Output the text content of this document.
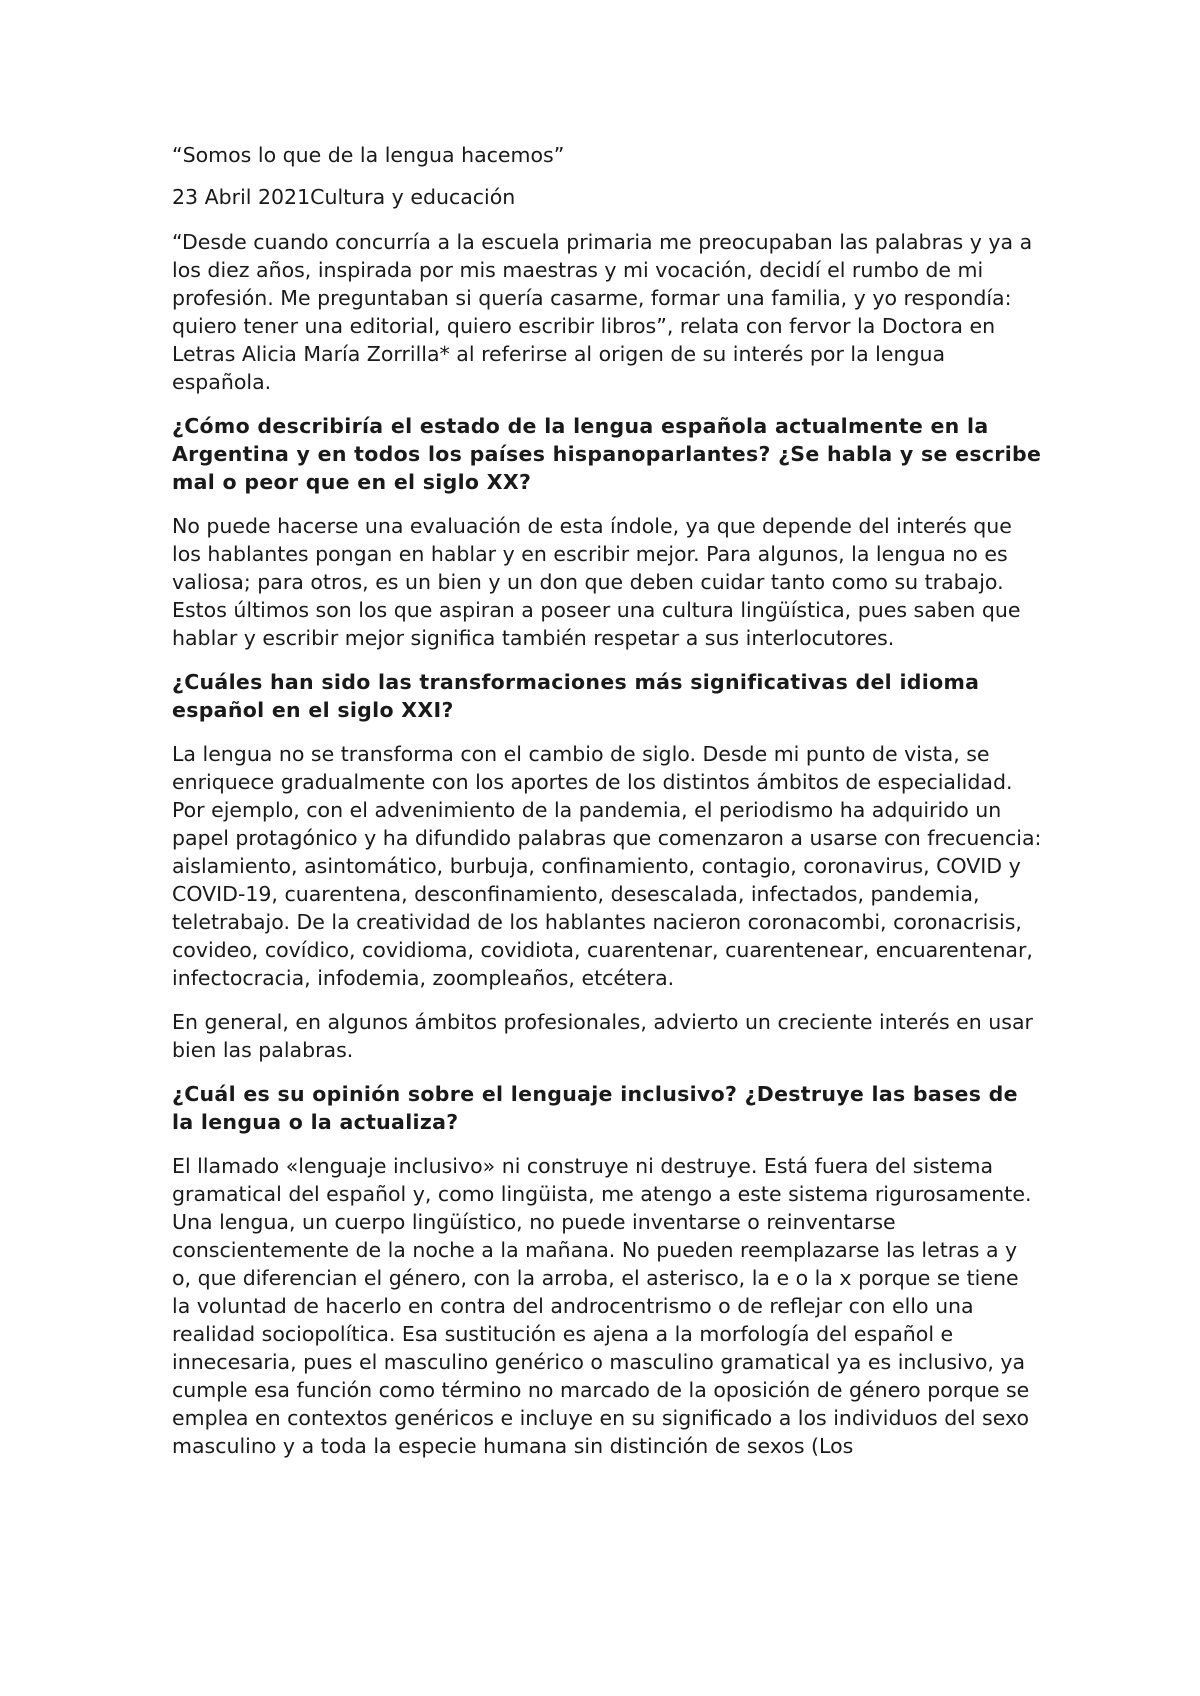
“Somos lo que de la lengua hacemos”

23 Abril 2021Cultura y educación

“Desde cuando concurría a la escuela primaria me preocupaban las palabras y ya a los diez años, inspirada por mis maestras y mi vocación, decidí el rumbo de mi profesión. Me preguntaban si quería casarme, formar una familia, y yo respondía: quiero tener una editorial, quiero escribir libros”, relata con fervor la Doctora en Letras Alicia María Zorrilla* al referirse al origen de su interés por la lengua española.

¿Cómo describiría el estado de la lengua española actualmente en la Argentina y en todos los países hispanoparlantes? ¿Se habla y se escribe mal o peor que en el siglo XX?

No puede hacerse una evaluación de esta índole, ya que depende del interés que los hablantes pongan en hablar y en escribir mejor. Para algunos, la lengua no es valiosa; para otros, es un bien y un don que deben cuidar tanto como su trabajo. Estos últimos son los que aspiran a poseer una cultura lingüística, pues saben que hablar y escribir mejor significa también respetar a sus interlocutores.

¿Cuáles han sido las transformaciones más significativas del idioma español en el siglo XXI?

La lengua no se transforma con el cambio de siglo. Desde mi punto de vista, se enriquece gradualmente con los aportes de los distintos ámbitos de especialidad. Por ejemplo, con el advenimiento de la pandemia, el periodismo ha adquirido un papel protagónico y ha difundido palabras que comenzaron a usarse con frecuencia: aislamiento, asintomático, burbuja, confinamiento, contagio, coronavirus, COVID y COVID-19, cuarentena, desconfinamiento, desescalada, infectados, pandemia, teletrabajo. De la creatividad de los hablantes nacieron coronacombi, coronacrisis, covideo, covídico, covidioma, covidiota, cuarentenar, cuarentenear, encuarentenar, infectocracia, infodemia, zoompleaños, etcétera.

En general, en algunos ámbitos profesionales, advierto un creciente interés en usar bien las palabras.

¿Cuál es su opinión sobre el lenguaje inclusivo? ¿Destruye las bases de la lengua o la actualiza?

El llamado «lenguaje inclusivo» ni construye ni destruye. Está fuera del sistema gramatical del español y, como lingüista, me atengo a este sistema rigurosamente. Una lengua, un cuerpo lingüístico, no puede inventarse o reinventarse conscientemente de la noche a la mañana. No pueden reemplazarse las letras a y o, que diferencian el género, con la arroba, el asterisco, la e o la x porque se tiene la voluntad de hacerlo en contra del androcentrismo o de reflejar con ello una realidad sociopolítica. Esa sustitución es ajena a la morfología del español e innecesaria, pues el masculino genérico o masculino gramatical ya es inclusivo, ya cumple esa función como término no marcado de la oposición de género porque se emplea en contextos genéricos e incluye en su significado a los individuos del sexo masculino y a toda la especie humana sin distinción de sexos (Los
